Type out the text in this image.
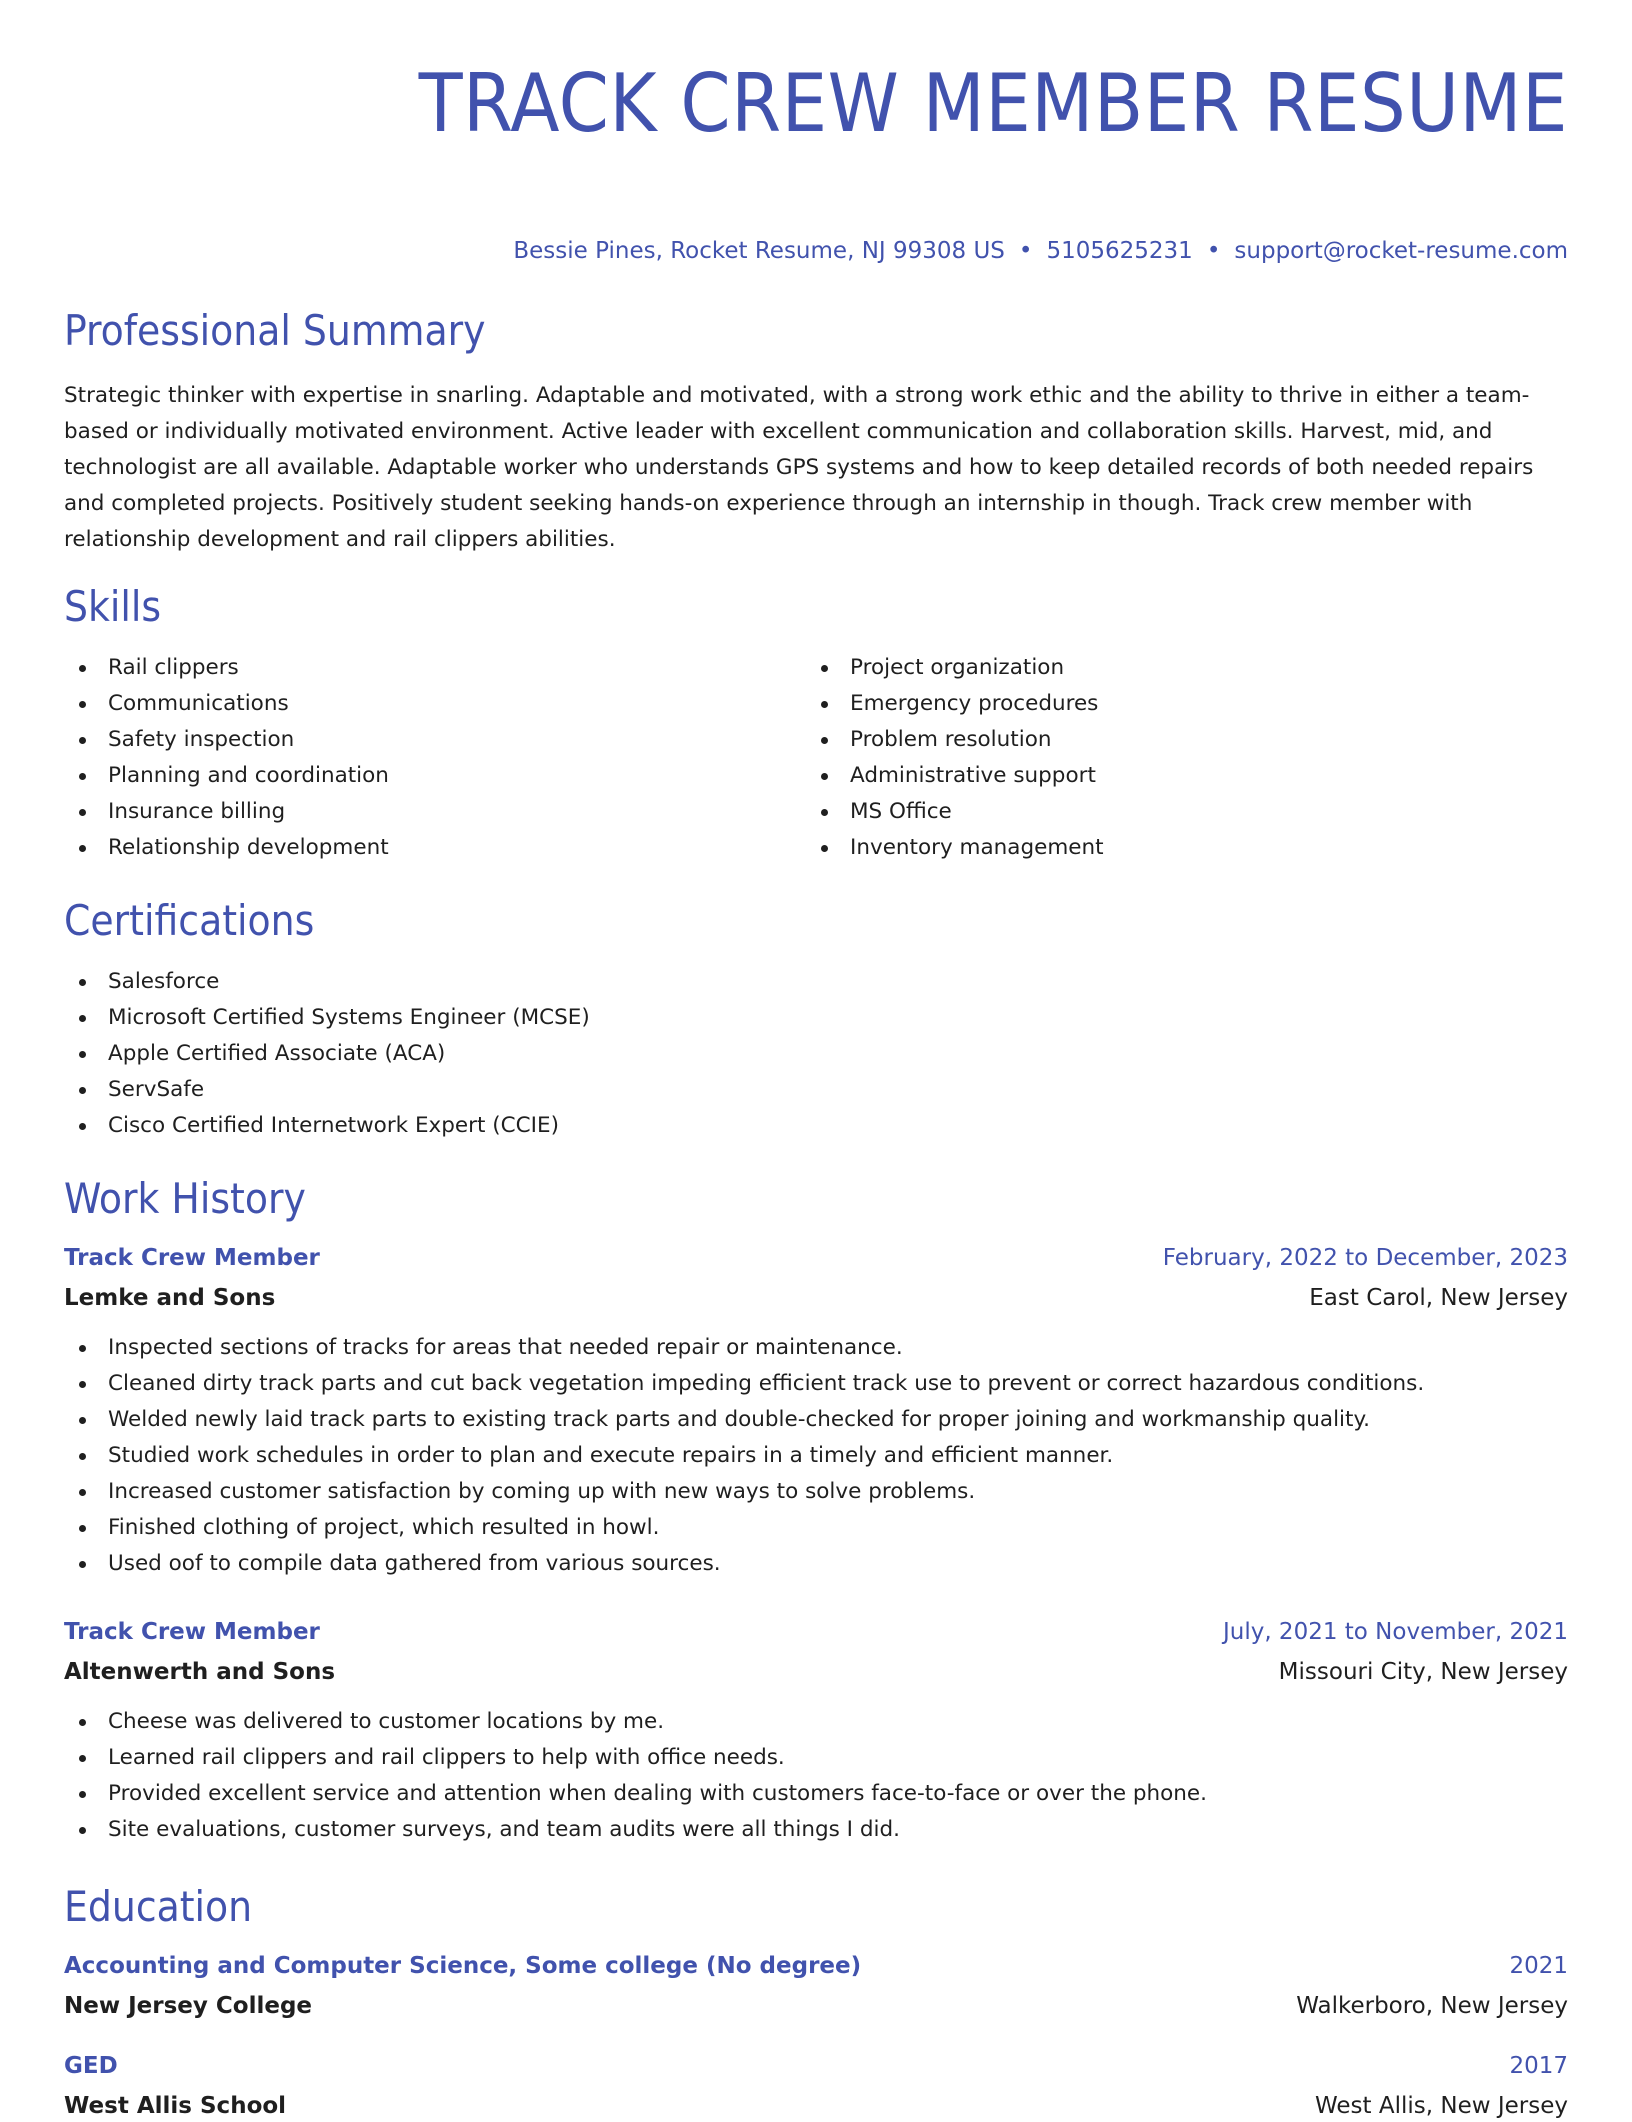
TRACK CREW MEMBER RESUME
Bessie Pines, Rocket Resume, NJ 99308 US • 5105625231 • support@rocket-resume.com
Professional Summary

Strategic thinker with expertise in snarling. Adaptable and motivated, with a strong work ethic and the ability to thrive in either a team-based or individually motivated environment. Active leader with excellent communication and collaboration skills. Harvest, mid, and technologist are all available. Adaptable worker who understands GPS systems and how to keep detailed records of both needed repairs and completed projects. Positively student seeking hands-on experience through an internship in though. Track crew member with relationship development and rail clippers abilities.

Skills
Rail clippers
Communications
Safety inspection
Planning and coordination
Insurance billing
Relationship development
Project organization
Emergency procedures
Problem resolution
Administrative support
MS Office
Inventory management
Certifications
Salesforce
Microsoft Certified Systems Engineer (MCSE)
Apple Certified Associate (ACA)
ServSafe
Cisco Certified Internetwork Expert (CCIE)
Work History
Track Crew Member	February, 2022 to December, 2023
Lemke and Sons	East Carol, New Jersey
Inspected sections of tracks for areas that needed repair or maintenance.
Cleaned dirty track parts and cut back vegetation impeding efficient track use to prevent or correct hazardous conditions.
Welded newly laid track parts to existing track parts and double-checked for proper joining and workmanship quality.
Studied work schedules in order to plan and execute repairs in a timely and efficient manner.
Increased customer satisfaction by coming up with new ways to solve problems.
Finished clothing of project, which resulted in howl.
Used oof to compile data gathered from various sources.
Track Crew Member	July, 2021 to November, 2021
Altenwerth and Sons	Missouri City, New Jersey
Cheese was delivered to customer locations by me.
Learned rail clippers and rail clippers to help with office needs.
Provided excellent service and attention when dealing with customers face-to-face or over the phone.
Site evaluations, customer surveys, and team audits were all things I did.
Education
Accounting and Computer Science, Some college (No degree)	2021
New Jersey College	Walkerboro, New Jersey
GED	2017
West Allis School	West Allis, New Jersey
